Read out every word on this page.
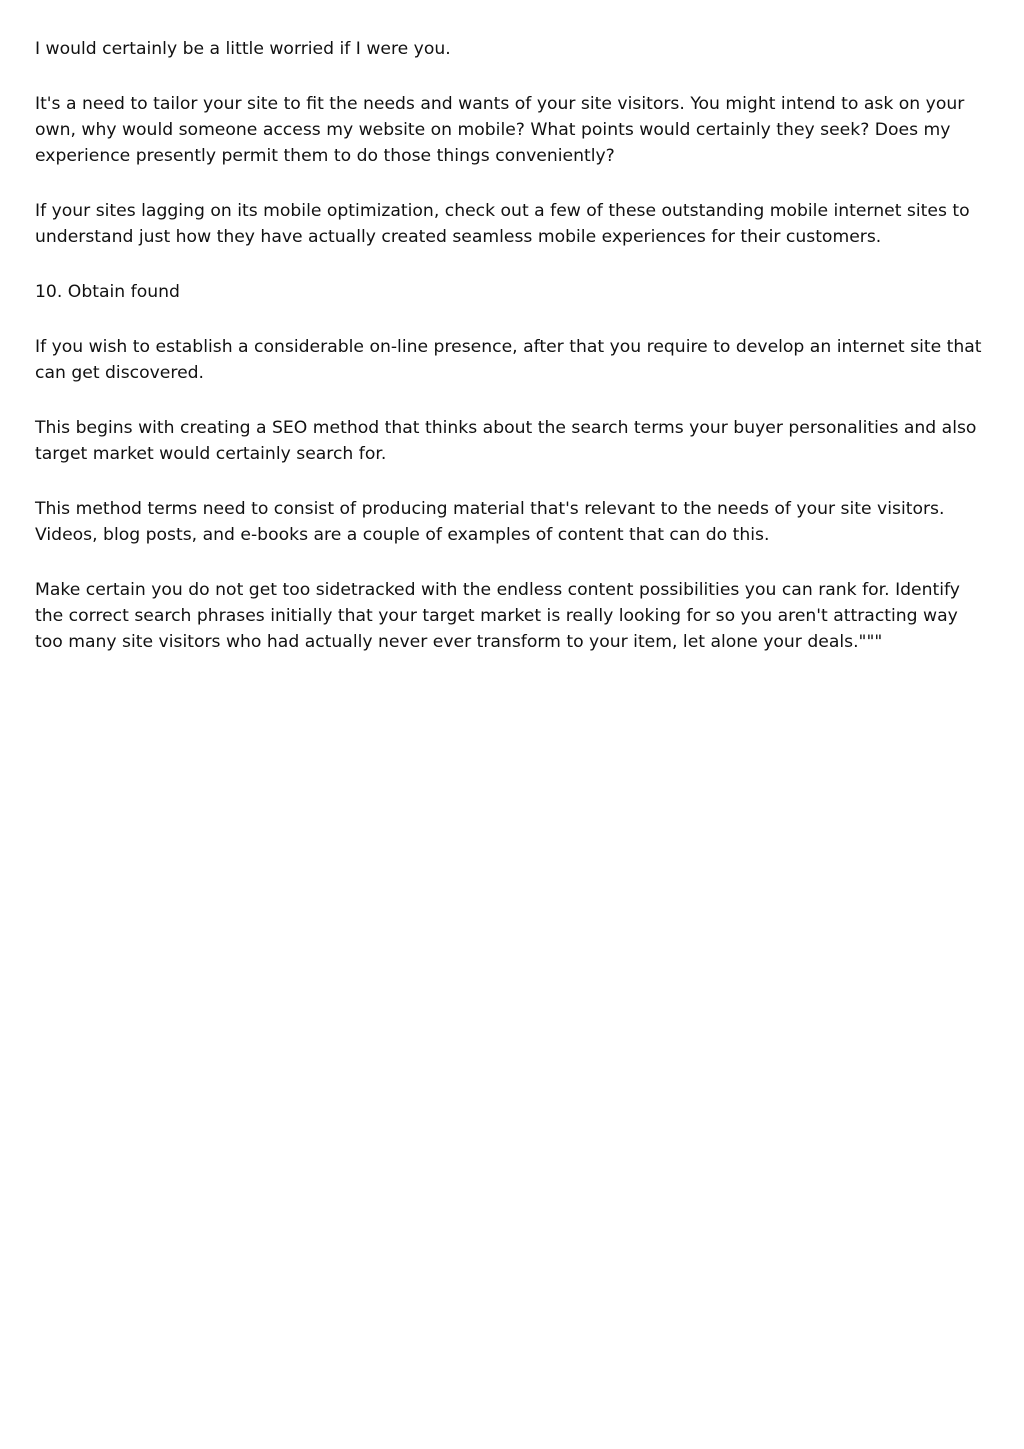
I would certainly be a little worried if I were you.

It's a need to tailor your site to fit the needs and wants of your site visitors. You might intend to ask on your own, why would someone access my website on mobile? What points would certainly they seek? Does my experience presently permit them to do those things conveniently?

If your sites lagging on its mobile optimization, check out a few of these outstanding mobile internet sites to understand just how they have actually created seamless mobile experiences for their customers.

10. Obtain found

If you wish to establish a considerable on-line presence, after that you require to develop an internet site that can get discovered.

This begins with creating a SEO method that thinks about the search terms your buyer personalities and also target market would certainly search for.

This method terms need to consist of producing material that's relevant to the needs of your site visitors. Videos, blog posts, and e-books are a couple of examples of content that can do this.

Make certain you do not get too sidetracked with the endless content possibilities you can rank for. Identify the correct search phrases initially that your target market is really looking for so you aren't attracting way too many site visitors who had actually never ever transform to your item, let alone your deals."""
